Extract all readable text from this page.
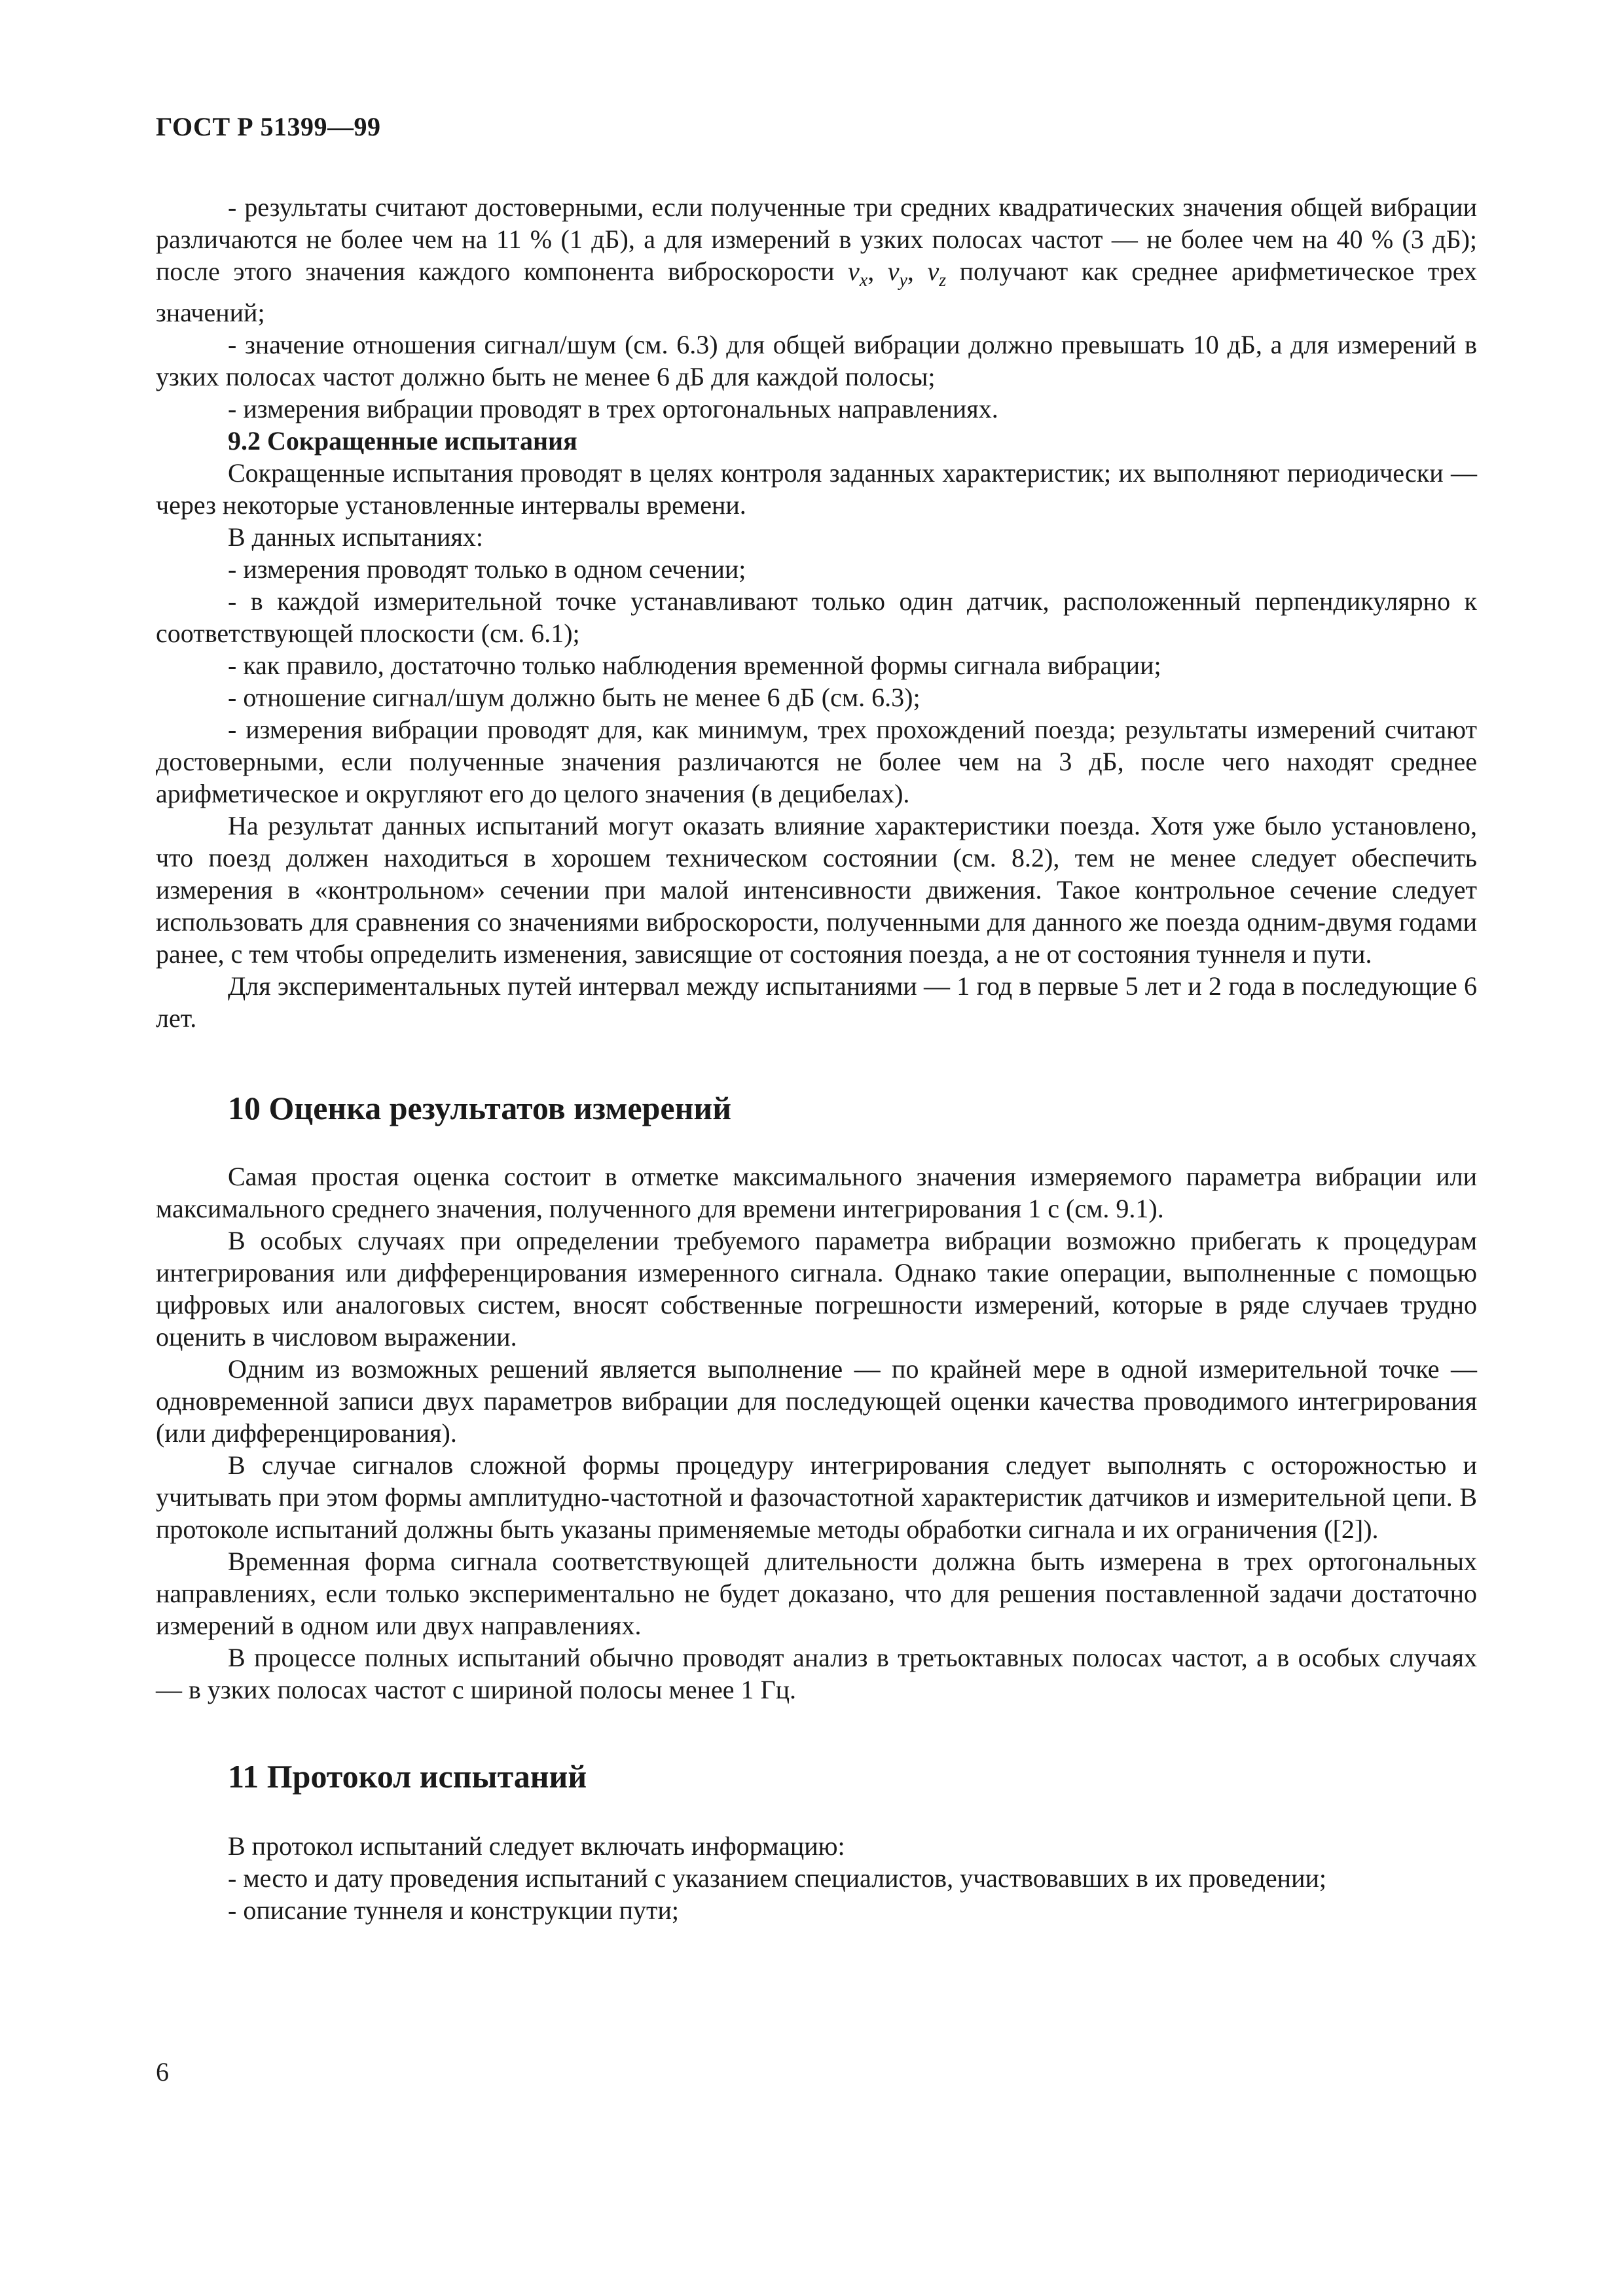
ГОСТ Р 51399—99

- результаты считают достоверными, если полученные три средних квадратических значения общей вибрации различаются не более чем на 11 % (1 дБ), а для измерений в узких полосах частот — не более чем на 40 % (3 дБ); после этого значения каждого компонента виброскорости $v_x$, $v_y$, $v_z$ получают как среднее арифметическое трех значений;

- значение отношения сигнал/шум (см. 6.3) для общей вибрации должно превышать 10 дБ, а для измерений в узких полосах частот должно быть не менее 6 дБ для каждой полосы;

- измерения вибрации проводят в трех ортогональных направлениях.

9.2 Сокращенные испытания

Сокращенные испытания проводят в целях контроля заданных характеристик; их выполняют периодически — через некоторые установленные интервалы времени.

В данных испытаниях:

- измерения проводят только в одном сечении;

- в каждой измерительной точке устанавливают только один датчик, расположенный перпендикулярно к соответствующей плоскости (см. 6.1);

- как правило, достаточно только наблюдения временной формы сигнала вибрации;

- отношение сигнал/шум должно быть не менее 6 дБ (см. 6.3);

- измерения вибрации проводят для, как минимум, трех прохождений поезда; результаты измерений считают достоверными, если полученные значения различаются не более чем на 3 дБ, после чего находят среднее арифметическое и округляют его до целого значения (в децибелах).

На результат данных испытаний могут оказать влияние характеристики поезда. Хотя уже было установлено, что поезд должен находиться в хорошем техническом состоянии (см. 8.2), тем не менее следует обеспечить измерения в «контрольном» сечении при малой интенсивности движения. Такое контрольное сечение следует использовать для сравнения со значениями виброскорости, полученными для данного же поезда одним-двумя годами ранее, с тем чтобы определить изменения, зависящие от состояния поезда, а не от состояния туннеля и пути.

Для экспериментальных путей интервал между испытаниями — 1 год в первые 5 лет и 2 года в последующие 6 лет.

10 Оценка результатов измерений

Самая простая оценка состоит в отметке максимального значения измеряемого параметра вибрации или максимального среднего значения, полученного для времени интегрирования 1 с (см. 9.1).

В особых случаях при определении требуемого параметра вибрации возможно прибегать к процедурам интегрирования или дифференцирования измеренного сигнала. Однако такие операции, выполненные с помощью цифровых или аналоговых систем, вносят собственные погрешности измерений, которые в ряде случаев трудно оценить в числовом выражении.

Одним из возможных решений является выполнение — по крайней мере в одной измерительной точке — одновременной записи двух параметров вибрации для последующей оценки качества проводимого интегрирования (или дифференцирования).

В случае сигналов сложной формы процедуру интегрирования следует выполнять с осторожностью и учитывать при этом формы амплитудно-частотной и фазочастотной характеристик датчиков и измерительной цепи. В протоколе испытаний должны быть указаны применяемые методы обработки сигнала и их ограничения ([2]).

Временная форма сигнала соответствующей длительности должна быть измерена в трех ортогональных направлениях, если только экспериментально не будет доказано, что для решения поставленной задачи достаточно измерений в одном или двух направлениях.

В процессе полных испытаний обычно проводят анализ в третьоктавных полосах частот, а в особых случаях — в узких полосах частот с шириной полосы менее 1 Гц.

11 Протокол испытаний

В протокол испытаний следует включать информацию:

- место и дату проведения испытаний с указанием специалистов, участвовавших в их проведении;

- описание туннеля и конструкции пути;

6
